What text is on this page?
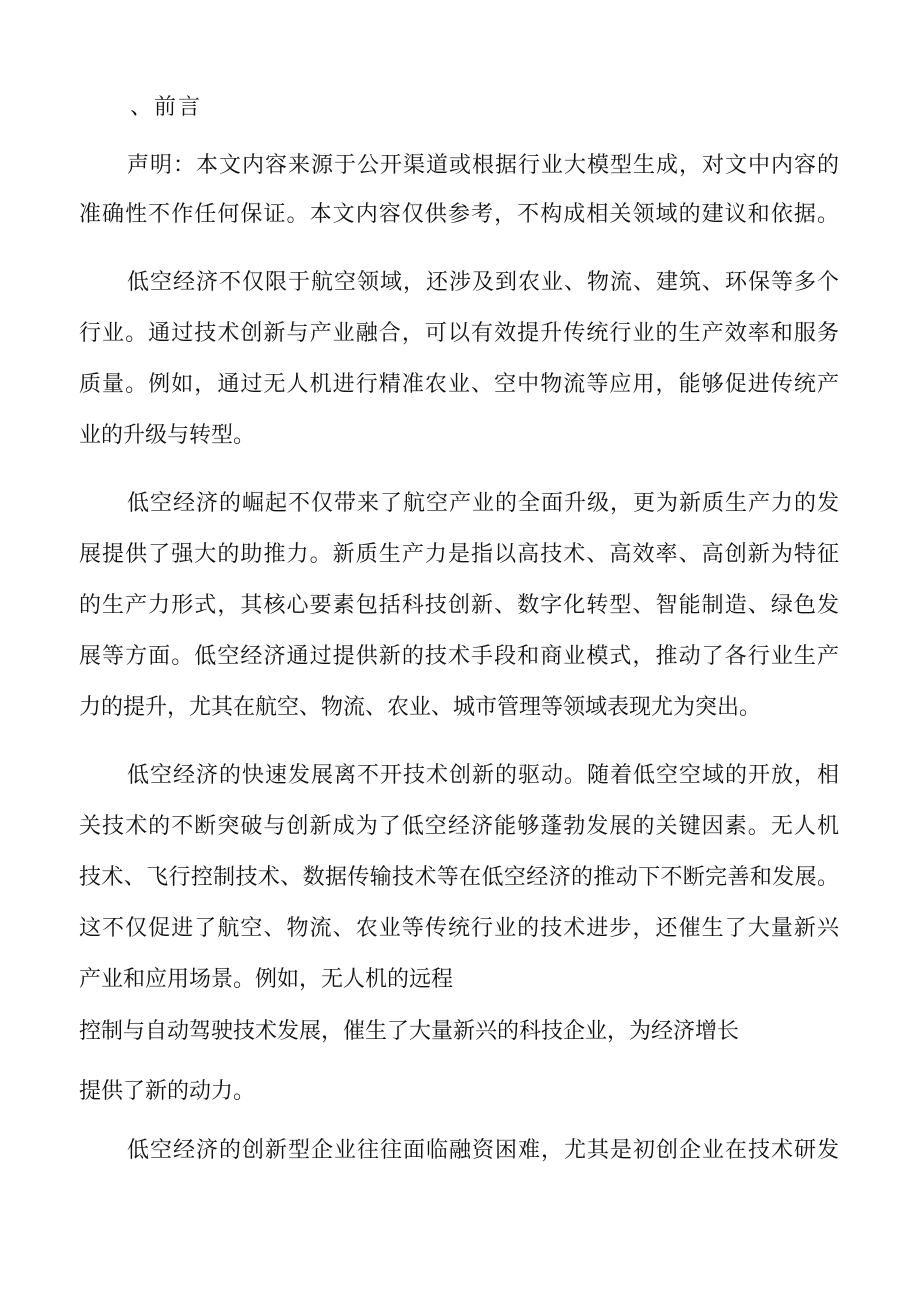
、前言
声明：本文内容来源于公开渠道或根据行业大模型生成，对文中内容的
准确性不作任何保证。本文内容仅供参考，不构成相关领域的建议和依据。
低空经济不仅限于航空领域，还涉及到农业、物流、建筑、环保等多个
行业。通过技术创新与产业融合，可以有效提升传统行业的生产效率和服务
质量。例如，通过无人机进行精准农业、空中物流等应用，能够促进传统产
业的升级与转型。
低空经济的崛起不仅带来了航空产业的全面升级，更为新质生产力的发
展提供了强大的助推力。新质生产力是指以高技术、高效率、高创新为特征
的生产力形式，其核心要素包括科技创新、数字化转型、智能制造、绿色发
展等方面。低空经济通过提供新的技术手段和商业模式，推动了各行业生产
力的提升，尤其在航空、物流、农业、城市管理等领域表现尤为突出。
低空经济的快速发展离不开技术创新的驱动。随着低空空域的开放，相
关技术的不断突破与创新成为了低空经济能够蓬勃发展的关键因素。无人机
技术、飞行控制技术、数据传输技术等在低空经济的推动下不断完善和发展。
这不仅促进了航空、物流、农业等传统行业的技术进步，还催生了大量新兴
产业和应用场景。例如，无人机的远程
控制与自动驾驶技术发展，催生了大量新兴的科技企业，为经济增长
提供了新的动力。
低空经济的创新型企业往往面临融资困难，尤其是初创企业在技术研发
